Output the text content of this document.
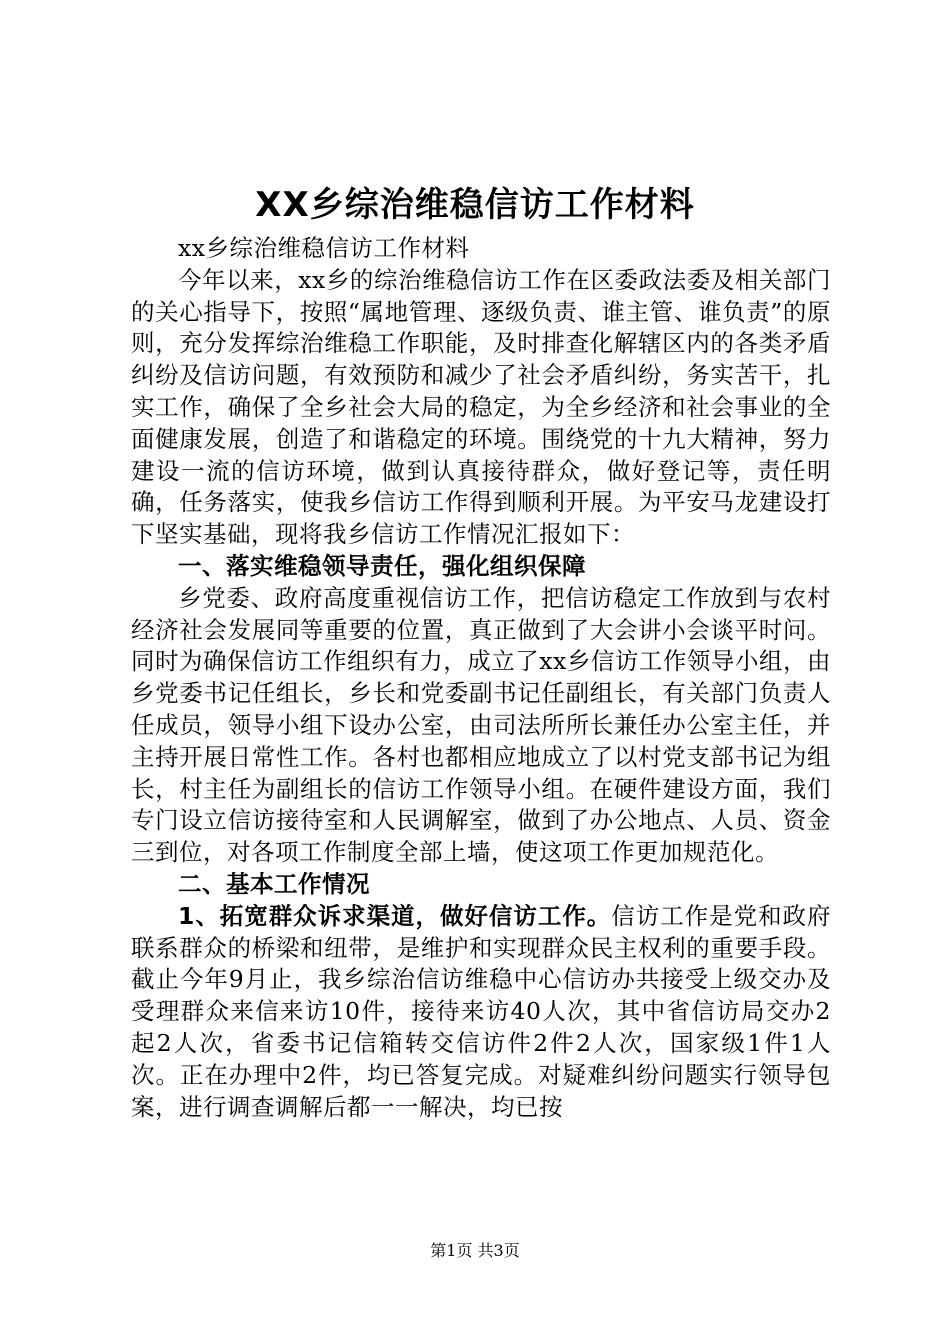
XX乡综治维稳信访工作材料

xx乡综治维稳信访工作材料

今年以来，xx乡的综治维稳信访工作在区委政法委及相关部门的关心指导下，按照“属地管理、逐级负责、谁主管、谁负责”的原则，充分发挥综治维稳工作职能，及时排查化解辖区内的各类矛盾纠纷及信访问题，有效预防和减少了社会矛盾纠纷，务实苦干，扎实工作，确保了全乡社会大局的稳定，为全乡经济和社会事业的全面健康发展，创造了和谐稳定的环境。围绕党的十九大精神，努力建设一流的信访环境，做到认真接待群众，做好登记等，责任明确，任务落实，使我乡信访工作得到顺利开展。为平安马龙建设打下坚实基础，现将我乡信访工作情况汇报如下：

一、落实维稳领导责任，强化组织保障

乡党委、政府高度重视信访工作，把信访稳定工作放到与农村经济社会发展同等重要的位置，真正做到了大会讲小会谈平时问。同时为确保信访工作组织有力，成立了xx乡信访工作领导小组，由乡党委书记任组长，乡长和党委副书记任副组长，有关部门负责人任成员，领导小组下设办公室，由司法所所长兼任办公室主任，并主持开展日常性工作。各村也都相应地成立了以村党支部书记为组长，村主任为副组长的信访工作领导小组。在硬件建设方面，我们专门设立信访接待室和人民调解室，做到了办公地点、人员、资金三到位，对各项工作制度全部上墙，使这项工作更加规范化。

二、基本工作情况

1、拓宽群众诉求渠道，做好信访工作。信访工作是党和政府联系群众的桥梁和纽带，是维护和实现群众民主权利的重要手段。截止今年9月止，我乡综治信访维稳中心信访办共接受上级交办及受理群众来信来访10件，接待来访40人次，其中省信访局交办2起2人次，省委书记信箱转交信访件2件2人次，国家级1件1人次。正在办理中2件，均已答复完成。对疑难纠纷问题实行领导包案，进行调查调解后都一一解决，均已按

第1页 共3页
